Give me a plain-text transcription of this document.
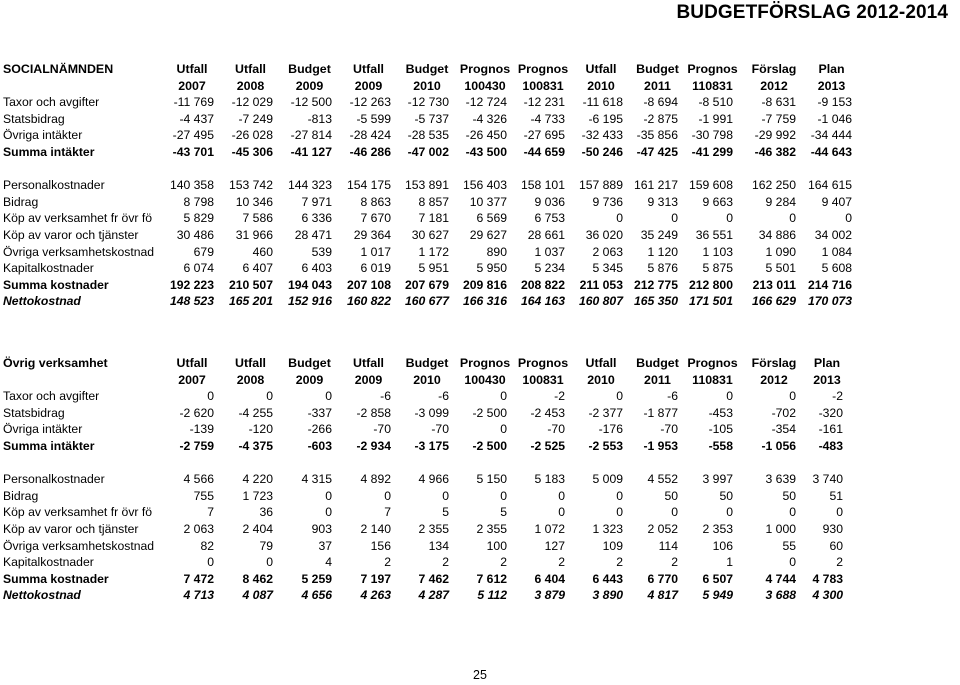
BUDGETFÖRSLAG 2012-2014
SOCIALNÄMNDEN	Utfall	Utfall	Budget	Utfall	Budget	Prognos	Prognos	Utfall	Budget	Prognos	Förslag	Plan
	2007	2008	2009	2009	2010	100430	100831	2010	2011	110831	2012	2013
Taxor och avgifter	-11 769	-12 029	-12 500	-12 263	-12 730	-12 724	-12 231	-11 618	-8 694	-8 510	-8 631	-9 153
Statsbidrag	-4 437	-7 249	-813	-5 599	-5 737	-4 326	-4 733	-6 195	-2 875	-1 991	-7 759	-1 046
Övriga intäkter	-27 495	-26 028	-27 814	-28 424	-28 535	-26 450	-27 695	-32 433	-35 856	-30 798	-29 992	-34 444
Summa intäkter	-43 701	-45 306	-41 127	-46 286	-47 002	-43 500	-44 659	-50 246	-47 425	-41 299	-46 382	-44 643

Personalkostnader	140 358	153 742	144 323	154 175	153 891	156 403	158 101	157 889	161 217	159 608	162 250	164 615
Bidrag	8 798	10 346	7 971	8 863	8 857	10 377	9 036	9 736	9 313	9 663	9 284	9 407
Köp av verksamhet fr övr fö	5 829	7 586	6 336	7 670	7 181	6 569	6 753	0	0	0	0	0
Köp av varor och tjänster	30 486	31 966	28 471	29 364	30 627	29 627	28 661	36 020	35 249	36 551	34 886	34 002
Övriga verksamhetskostnad	679	460	539	1 017	1 172	890	1 037	2 063	1 120	1 103	1 090	1 084
Kapitalkostnader	6 074	6 407	6 403	6 019	5 951	5 950	5 234	5 345	5 876	5 875	5 501	5 608
Summa kostnader	192 223	210 507	194 043	207 108	207 679	209 816	208 822	211 053	212 775	212 800	213 011	214 716
Nettokostnad	148 523	165 201	152 916	160 822	160 677	166 316	164 163	160 807	165 350	171 501	166 629	170 073
Övrig verksamhet	Utfall	Utfall	Budget	Utfall	Budget	Prognos	Prognos	Utfall	Budget	Prognos	Förslag	Plan
	2007	2008	2009	2009	2010	100430	100831	2010	2011	110831	2012	2013
Taxor och avgifter	0	0	0	-6	-6	0	-2	0	-6	0	0	-2
Statsbidrag	-2 620	-4 255	-337	-2 858	-3 099	-2 500	-2 453	-2 377	-1 877	-453	-702	-320
Övriga intäkter	-139	-120	-266	-70	-70	0	-70	-176	-70	-105	-354	-161
Summa intäkter	-2 759	-4 375	-603	-2 934	-3 175	-2 500	-2 525	-2 553	-1 953	-558	-1 056	-483

Personalkostnader	4 566	4 220	4 315	4 892	4 966	5 150	5 183	5 009	4 552	3 997	3 639	3 740
Bidrag	755	1 723	0	0	0	0	0	0	50	50	50	51
Köp av verksamhet fr övr fö	7	36	0	7	5	5	0	0	0	0	0	0
Köp av varor och tjänster	2 063	2 404	903	2 140	2 355	2 355	1 072	1 323	2 052	2 353	1 000	930
Övriga verksamhetskostnad	82	79	37	156	134	100	127	109	114	106	55	60
Kapitalkostnader	0	0	4	2	2	2	2	2	2	1	0	2
Summa kostnader	7 472	8 462	5 259	7 197	7 462	7 612	6 404	6 443	6 770	6 507	4 744	4 783
Nettokostnad	4 713	4 087	4 656	4 263	4 287	5 112	3 879	3 890	4 817	5 949	3 688	4 300
25
